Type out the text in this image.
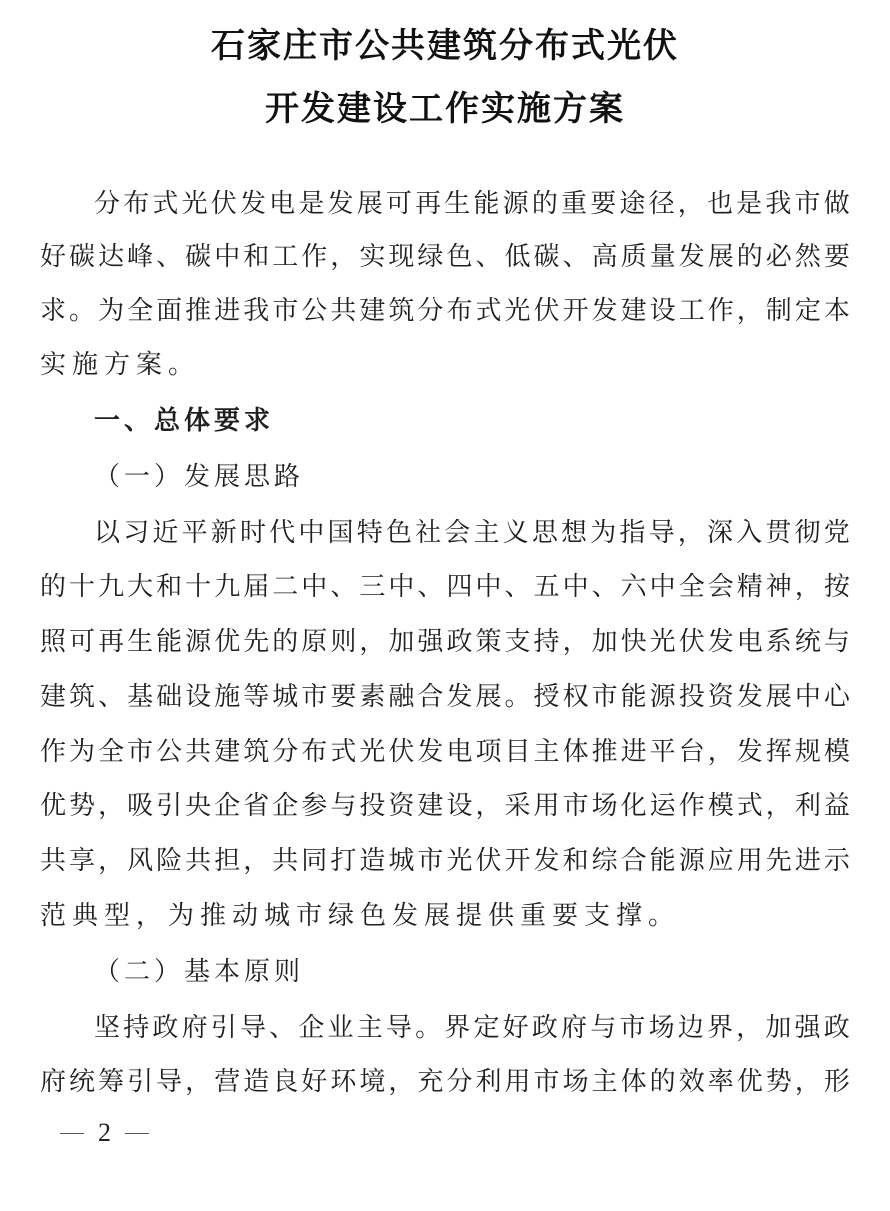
石家庄市公共建筑分布式光伏
开发建设工作实施方案
分 布 式 光 伏 发 电 是 发 展 可 再 生 能 源 的 重 要 途 径 ， 也 是 我 市 做
好 碳 达 峰 、 碳 中 和 工 作 ， 实 现 绿 色 、 低 碳 、 高 质 量 发 展 的 必 然 要
求 。 为 全 面 推 进 我 市 公 共 建 筑 分 布 式 光 伏 开 发 建 设 工 作 ， 制 定 本
实施方案。
一、总体要求
（一）发展思路
以 习 近 平 新 时 代 中 国 特 色 社 会 主 义 思 想 为 指 导 ， 深 入 贯 彻 党
的 十 九 大 和 十 九 届 二 中 、 三 中 、 四 中 、 五 中 、 六 中 全 会 精 神 ， 按
照 可 再 生 能 源 优 先 的 原 则 ， 加 强 政 策 支 持 ， 加 快 光 伏 发 电 系 统 与
建 筑 、 基 础 设 施 等 城 市 要 素 融 合 发 展 。 授 权 市 能 源 投 资 发 展 中 心
作 为 全 市 公 共 建 筑 分 布 式 光 伏 发 电 项 目 主 体 推 进 平 台 ， 发 挥 规 模
优 势 ， 吸 引 央 企 省 企 参 与 投 资 建 设 ， 采 用 市 场 化 运 作 模 式 ， 利 益
共 享 ， 风 险 共 担 ， 共 同 打 造 城 市 光 伏 开 发 和 综 合 能 源 应 用 先 进 示
范典型，为推动城市绿色发展提供重要支撑。
（二）基本原则
坚 持 政 府 引 导 、 企 业 主 导 。 界 定 好 政 府 与 市 场 边 界 ， 加 强 政
府 统 筹 引 导 ， 营 造 良 好 环 境 ， 充 分 利 用 市 场 主 体 的 效 率 优 势 ， 形
2
